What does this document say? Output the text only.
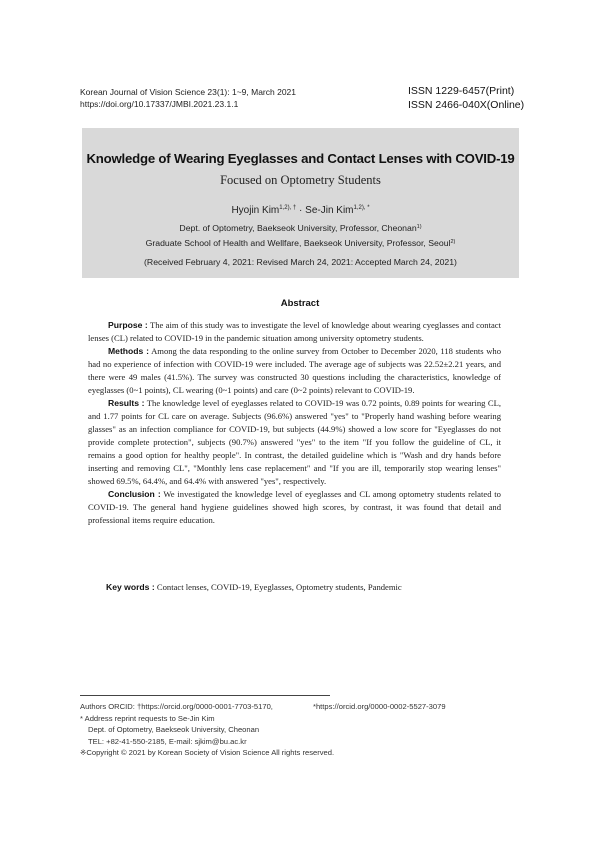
Korean Journal of Vision Science 23(1): 1~9, March 2021
https://doi.org/10.17337/JMBI.2021.23.1.1
ISSN 1229-6457(Print)
ISSN 2466-040X(Online)
Knowledge of Wearing Eyeglasses and Contact Lenses with COVID-19
Focused on Optometry Students
Hyojin Kim$^{1,2), \dagger}$ · Se-Jin Kim$^{1,2), *}$
Dept. of Optometry, Baekseok University, Professor, Cheonan$^{1)}$
Graduate School of Health and Wellfare, Baekseok University, Professor, Seoul$^{2)}$
(Received February 4, 2021: Revised March 24, 2021: Accepted March 24, 2021)
Abstract

Purpose : The aim of this study was to investigate the level of knowledge about wearing cyeglasses and contact lenses (CL) related to COVID-19 in the pandemic situation among university optometry students.

Methods : Among the data responding to the online survey from October to December 2020, 118 students who had no experience of infection with COVID-19 were included. The average age of subjects was 22.52±2.21 years, and there were 49 males (41.5%). The survey was constructed 30 questions including the characteristics, knowledge of eyeglasses (0~1 points), CL wearing (0~1 points) and care (0~2 points) relevant to COVID-19.

Results : The knowledge level of eyeglasses related to COVID-19 was 0.72 points, 0.89 points for wearing CL, and 1.77 points for CL care on average. Subjects (96.6%) answered "yes" to "Properly hand washing before wearing glasses" as an infection compliance for COVID-19, but subjects (44.9%) showed a low score for "Eyeglasses do not provide complete protection", subjects (90.7%) answered "yes" to the item "If you follow the guideline of CL, it remains a good option for healthy people". In contrast, the detailed guideline which is "Wash and dry hands before inserting and removing CL", "Monthly lens case replacement" and "If you are ill, temporarily stop wearing lenses" showed 69.5%, 64.4%, and 64.4% with answered "yes", respectively.

Conclusion : We investigated the knowledge level of eyeglasses and CL among optometry students related to COVID-19. The general hand hygiene guidelines showed high scores, by contrast, it was found that detail and professional items require education.

Key words : Contact lenses, COVID-19, Eyeglasses, Optometry students, Pandemic
Authors ORCID: †https://orcid.org/0000-0001-7703-5170,	*https://orcid.org/0000-0002-5527-3079
* Address reprint requests to Se-Jin Kim
Dept. of Optometry, Baekseok University, Cheonan
TEL: +82-41-550-2185, E-mail: sjkim@bu.ac.kr
※Copyright © 2021 by Korean Society of Vision Science All rights reserved.
